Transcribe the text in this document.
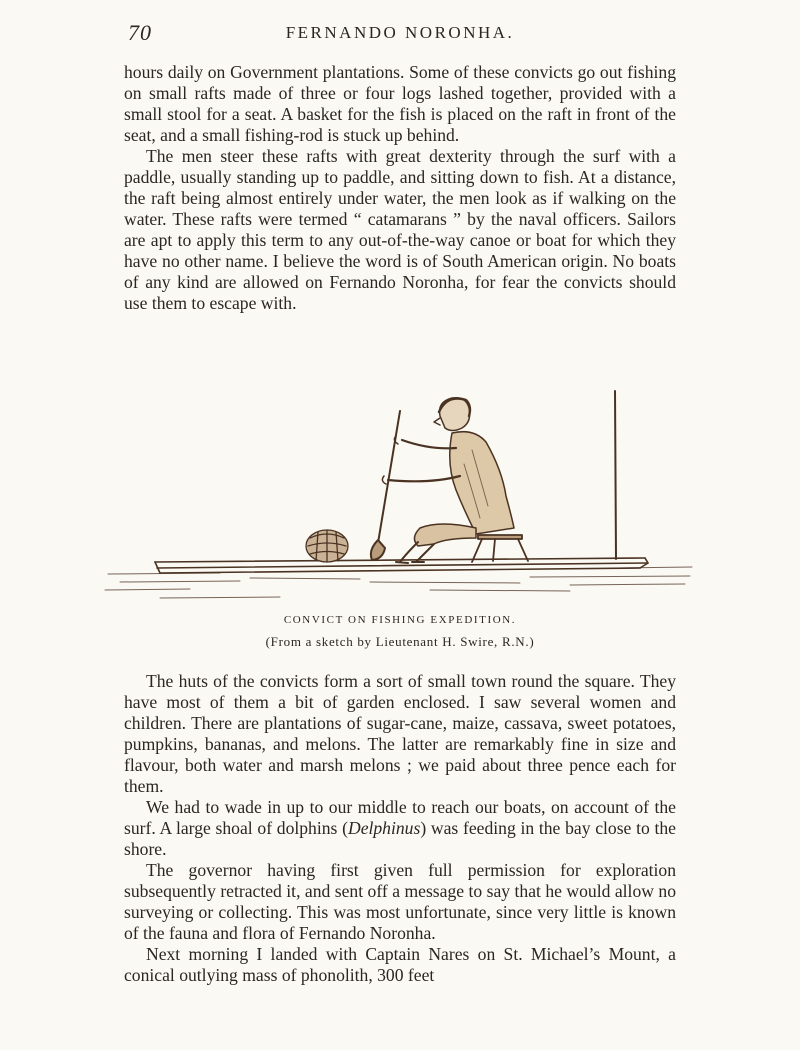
70	FERNANDO NORONHA.

hours daily on Government plantations. Some of these convicts go out fishing on small rafts made of three or four logs lashed together, provided with a small stool for a seat. A basket for the fish is placed on the raft in front of the seat, and a small fishing-rod is stuck up behind.

The men steer these rafts with great dexterity through the surf with a paddle, usually standing up to paddle, and sitting down to fish. At a distance, the raft being almost entirely under water, the men look as if walking on the water. These rafts were termed “ catamarans ” by the naval officers. Sailors are apt to apply this term to any out-of-the-way canoe or boat for which they have no other name. I believe the word is of South American origin. No boats of any kind are allowed on Fernando Noronha, for fear the convicts should use them to escape with.

CONVICT ON FISHING EXPEDITION.
(From a sketch by Lieutenant H. Swire, R.N.)

The huts of the convicts form a sort of small town round the square. They have most of them a bit of garden enclosed. I saw several women and children. There are plantations of sugar-cane, maize, cassava, sweet potatoes, pumpkins, bananas, and melons. The latter are remarkably fine in size and flavour, both water and marsh melons ; we paid about three pence each for them.

We had to wade in up to our middle to reach our boats, on account of the surf. A large shoal of dolphins (Delphinus) was feeding in the bay close to the shore.

The governor having first given full permission for exploration subsequently retracted it, and sent off a message to say that he would allow no surveying or collecting. This was most unfortunate, since very little is known of the fauna and flora of Fernando Noronha.

Next morning I landed with Captain Nares on St. Michael’s Mount, a conical outlying mass of phonolith, 300 feet
